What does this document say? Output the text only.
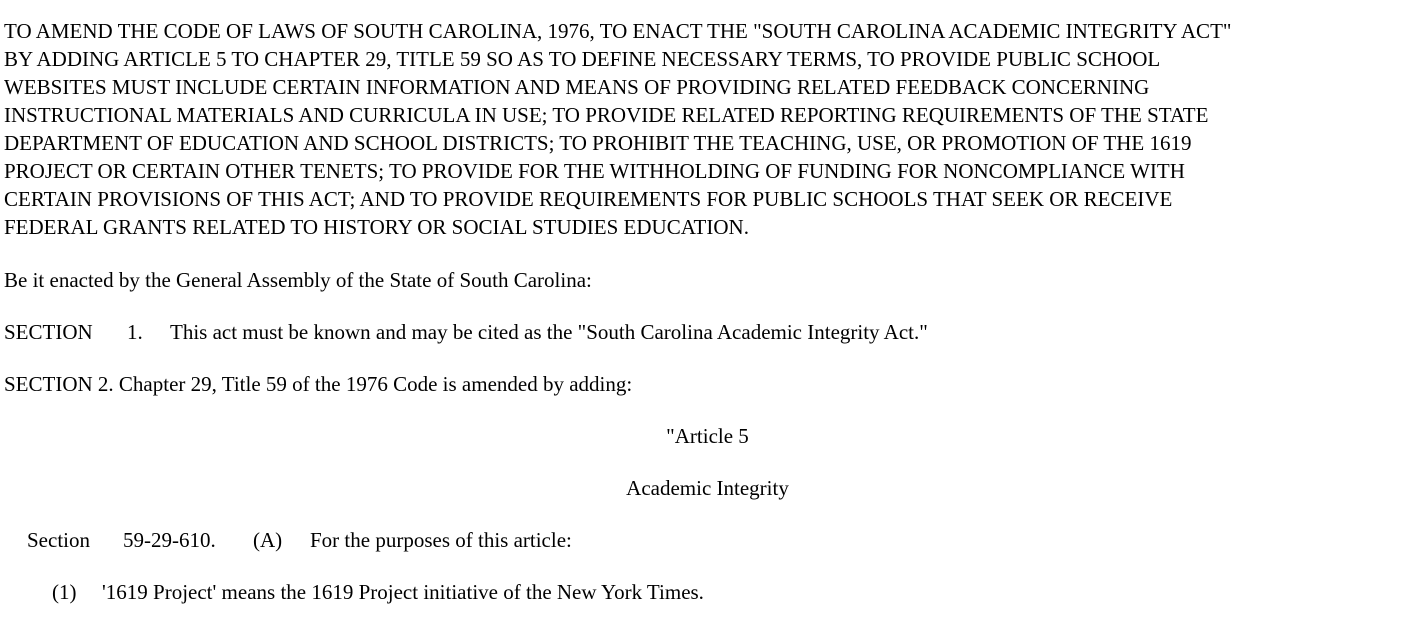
TO AMEND THE CODE OF LAWS OF SOUTH CAROLINA, 1976, TO ENACT THE "SOUTH CAROLINA ACADEMIC INTEGRITY ACT"
BY ADDING ARTICLE 5 TO CHAPTER 29, TITLE 59 SO AS TO DEFINE NECESSARY TERMS, TO PROVIDE PUBLIC SCHOOL
WEBSITES MUST INCLUDE CERTAIN INFORMATION AND MEANS OF PROVIDING RELATED FEEDBACK CONCERNING
INSTRUCTIONAL MATERIALS AND CURRICULA IN USE; TO PROVIDE RELATED REPORTING REQUIREMENTS OF THE STATE
DEPARTMENT OF EDUCATION AND SCHOOL DISTRICTS; TO PROHIBIT THE TEACHING, USE, OR PROMOTION OF THE 1619
PROJECT OR CERTAIN OTHER TENETS; TO PROVIDE FOR THE WITHHOLDING OF FUNDING FOR NONCOMPLIANCE WITH
CERTAIN PROVISIONS OF THIS ACT; AND TO PROVIDE REQUIREMENTS FOR PUBLIC SCHOOLS THAT SEEK OR RECEIVE
FEDERAL GRANTS RELATED TO HISTORY OR SOCIAL STUDIES EDUCATION.

Be it enacted by the General Assembly of the State of South Carolina:

SECTION 1. This act must be known and may be cited as the "South Carolina Academic Integrity Act."

SECTION 2. Chapter 29, Title 59 of the 1976 Code is amended by adding:

"Article 5

Academic Integrity

Section 59-29-610. (A) For the purposes of this article:

(1) '1619 Project' means the 1619 Project initiative of the New York Times.
